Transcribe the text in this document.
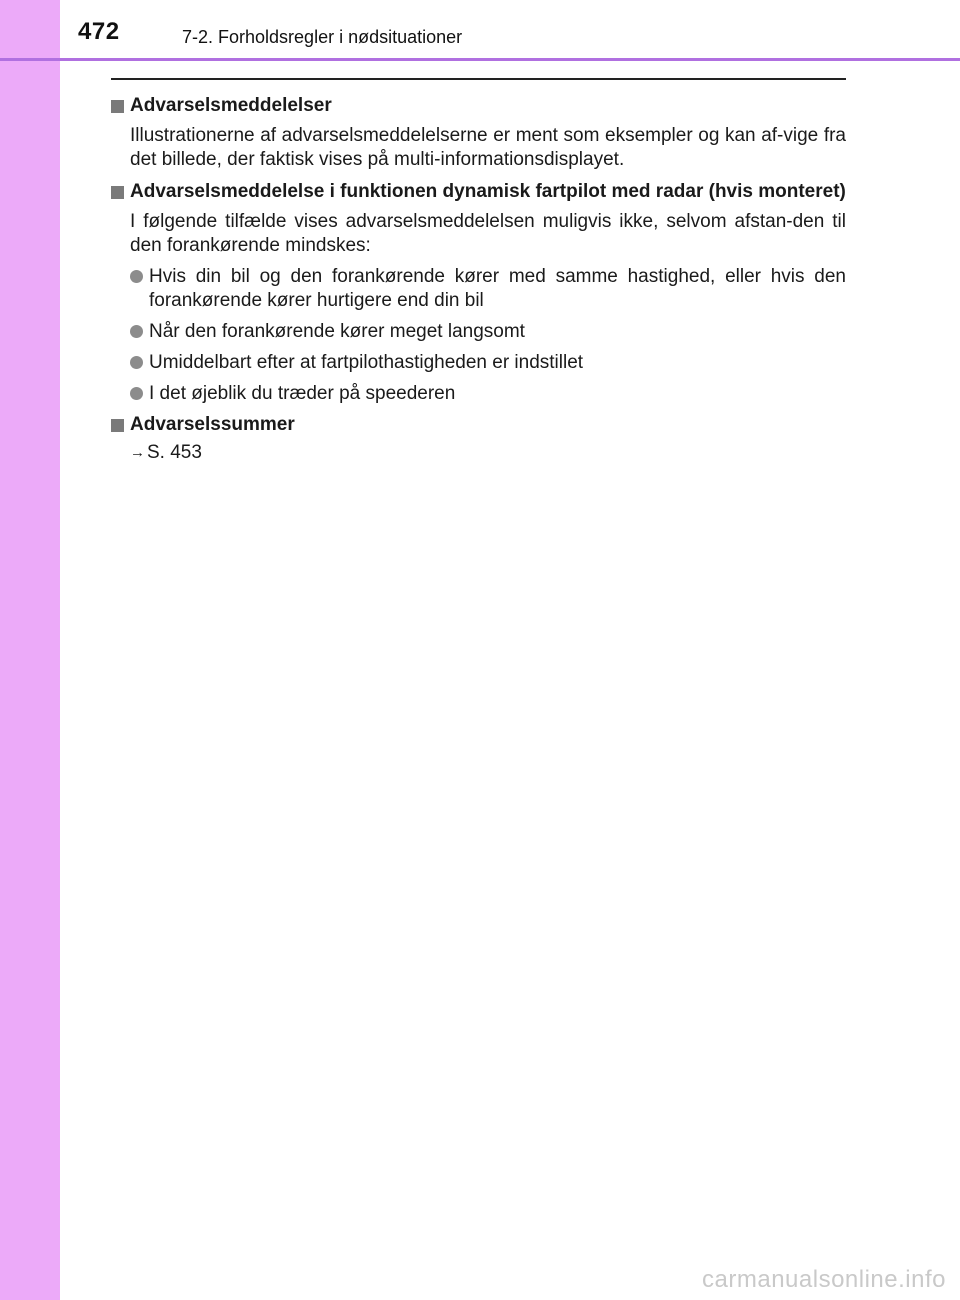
472	7-2. Forholdsregler i nødsituationer
Advarselsmeddelelser
Illustrationerne af advarselsmeddelelserne er ment som eksempler og kan af-vige fra det billede, der faktisk vises på multi-informationsdisplayet.
Advarselsmeddelelse i funktionen dynamisk fartpilot med radar (hvis monteret)
I følgende tilfælde vises advarselsmeddelelsen muligvis ikke, selvom afstan-den til den forankørende mindskes:
Hvis din bil og den forankørende kører med samme hastighed, eller hvis den forankørende kører hurtigere end din bil
Når den forankørende kører meget langsomt
Umiddelbart efter at fartpilothastigheden er indstillet
I det øjeblik du træder på speederen
Advarselssummer
→ S. 453
carmanualsonline.info
